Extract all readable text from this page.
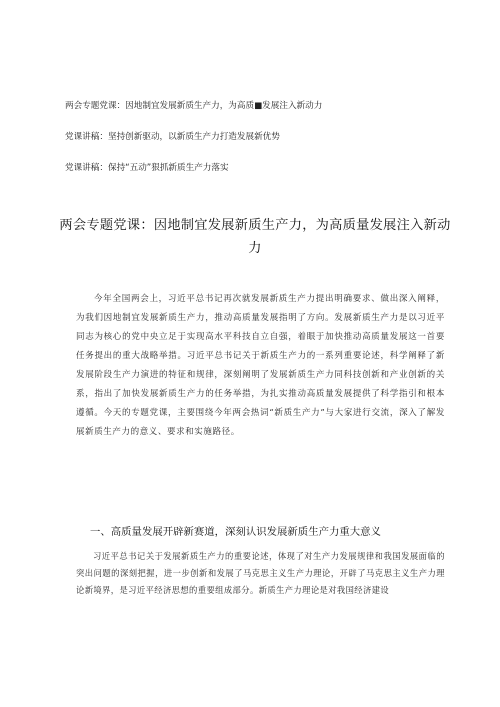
两会专题党课：因地制宜发展新质生产力，为高质■发展注入新动力
党课讲稿：坚持创新驱动，以新质生产力打造发展新优势
党课讲稿：保持“五动”狠抓新质生产力落实
两会专题党课：因地制宜发展新质生产力，为高质量发展注入新动力
今年全国两会上，习近平总书记再次就发展新质生产力提出明确要求、做出深入阐释，为我们因地制宜发展新质生产力，推动高质量发展指明了方向。发展新质生产力是以习近平同志为核心的党中央立足于实现高水平科技自立自强，着眼于加快推动高质量发展这一首要任务提出的重大战略举措。习近平总书记关于新质生产力的一系列重要论述，科学阐释了新发展阶段生产力演进的特征和规律，深刻阐明了发展新质生产力同科技创新和产业创新的关系，指出了加快发展新质生产力的任务举措，为扎实推动高质量发展提供了科学指引和根本遵循。今天的专题党课，主要围绕今年两会热词“新质生产力”与大家进行交流，深入了解发展新质生产力的意义、要求和实施路径。
一、高质量发展开辟新赛道，深刻认识发展新质生产力重大意义
习近平总书记关于发展新质生产力的重要论述，体现了对生产力发展规律和我国发展面临的突出问题的深刻把握，进一步创新和发展了马克思主义生产力理论，开辟了马克思主义生产力理论新境界，是习近平经济思想的重要组成部分。新质生产力理论是对我国经济建设
